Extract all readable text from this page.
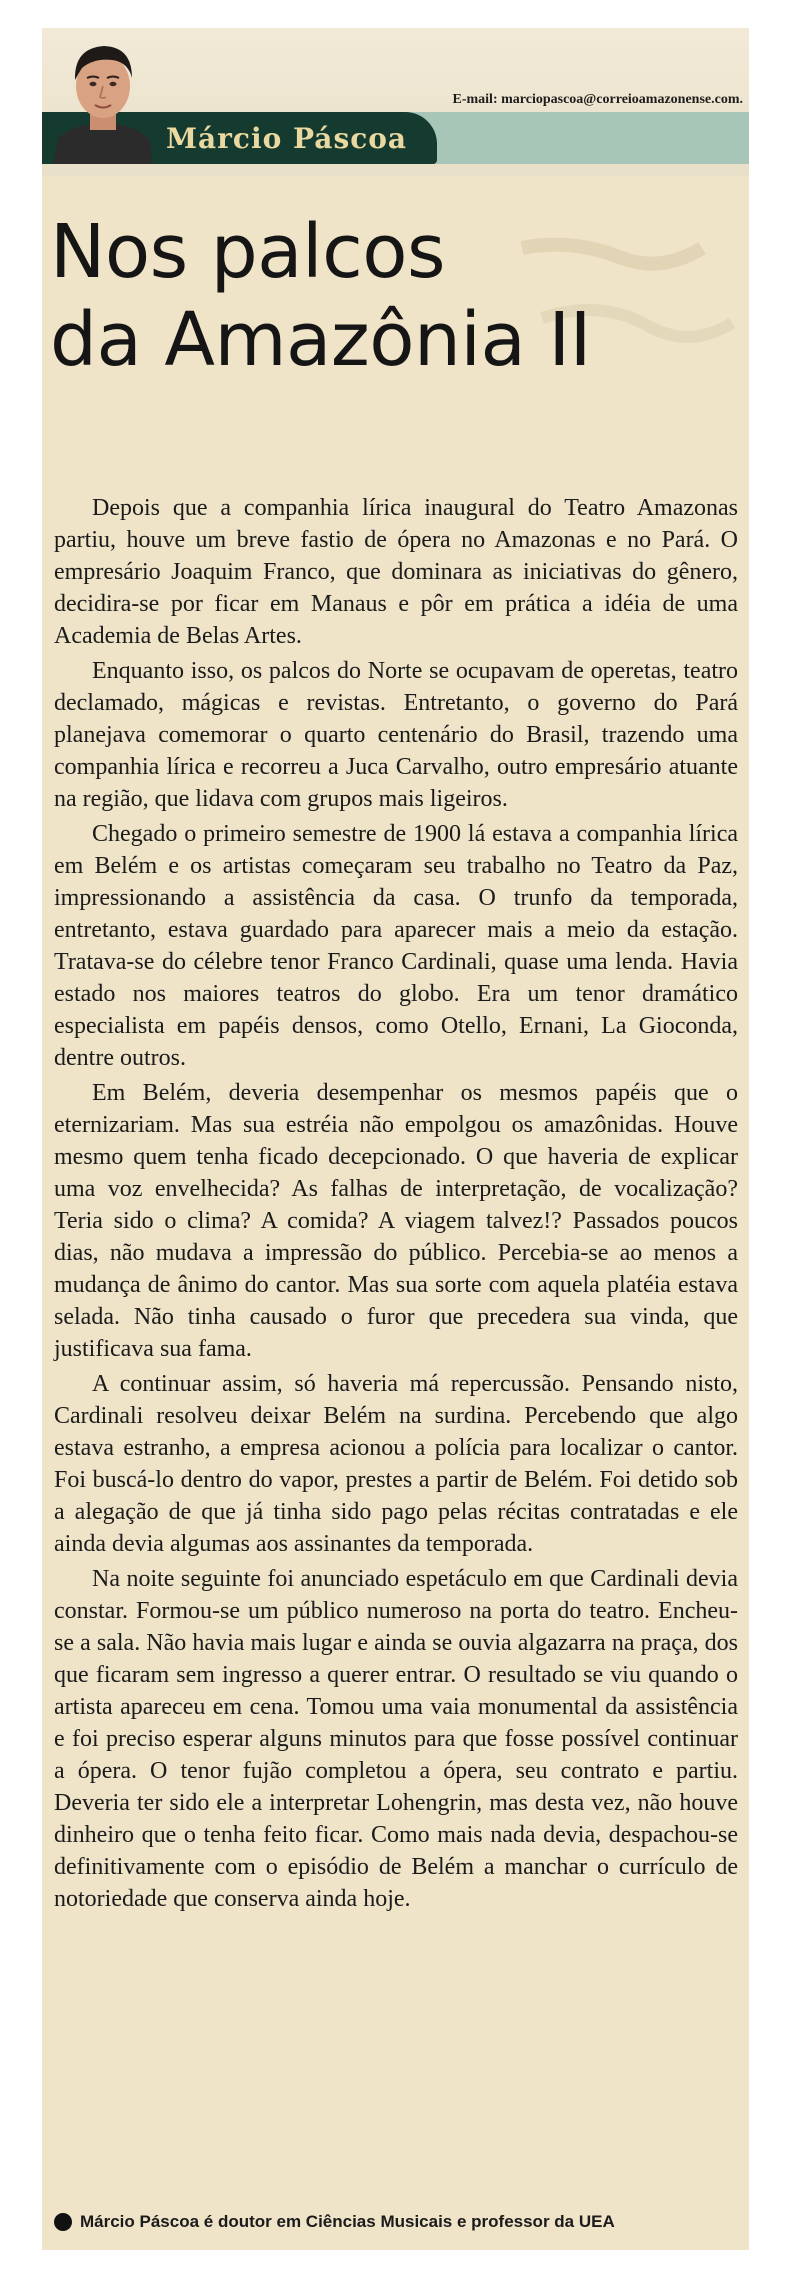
E-mail: marciopascoa@correioamazonense.com.
Márcio Páscoa
Nos palcos
da Amazônia II

Depois que a companhia lírica inaugural do Teatro Amazonas partiu, houve um breve fastio de ópera no Amazonas e no Pará. O empresário Joaquim Franco, que dominara as iniciativas do gênero, decidira-se por ficar em Manaus e pôr em prática a idéia de uma Academia de Belas Artes.

Enquanto isso, os palcos do Norte se ocupavam de operetas, teatro declamado, mágicas e revistas. Entretanto, o governo do Pará planejava comemorar o quarto centenário do Brasil, trazendo uma companhia lírica e recorreu a Juca Carvalho, outro empresário atuante na região, que lidava com grupos mais ligeiros.

Chegado o primeiro semestre de 1900 lá estava a companhia lírica em Belém e os artistas começaram seu trabalho no Teatro da Paz, impressionando a assistência da casa. O trunfo da temporada, entretanto, estava guardado para aparecer mais a meio da estação. Tratava-se do célebre tenor Franco Cardinali, quase uma lenda. Havia estado nos maiores teatros do globo. Era um tenor dramático especialista em papéis densos, como Otello, Ernani, La Gioconda, dentre outros.

Em Belém, deveria desempenhar os mesmos papéis que o eternizariam. Mas sua estréia não empolgou os amazônidas. Houve mesmo quem tenha ficado decepcionado. O que haveria de explicar uma voz envelhecida? As falhas de interpretação, de vocalização? Teria sido o clima? A comida? A viagem talvez!? Passados poucos dias, não mudava a impressão do público. Percebia-se ao menos a mudança de ânimo do cantor. Mas sua sorte com aquela platéia estava selada. Não tinha causado o furor que precedera sua vinda, que justificava sua fama.

A continuar assim, só haveria má repercussão. Pensando nisto, Cardinali resolveu deixar Belém na surdina. Percebendo que algo estava estranho, a empresa acionou a polícia para localizar o cantor. Foi buscá-lo dentro do vapor, prestes a partir de Belém. Foi detido sob a alegação de que já tinha sido pago pelas récitas contratadas e ele ainda devia algumas aos assinantes da temporada.

Na noite seguinte foi anunciado espetáculo em que Cardinali devia constar. Formou-se um público numeroso na porta do teatro. Encheu-se a sala. Não havia mais lugar e ainda se ouvia algazarra na praça, dos que ficaram sem ingresso a querer entrar. O resultado se viu quando o artista apareceu em cena. Tomou uma vaia monumental da assistência e foi preciso esperar alguns minutos para que fosse possível continuar a ópera. O tenor fujão completou a ópera, seu contrato e partiu. Deveria ter sido ele a interpretar Lohengrin, mas desta vez, não houve dinheiro que o tenha feito ficar. Como mais nada devia, despachou-se definitivamente com o episódio de Belém a manchar o currículo de notoriedade que conserva ainda hoje.

Márcio Páscoa é doutor em Ciências Musicais e professor da UEA
